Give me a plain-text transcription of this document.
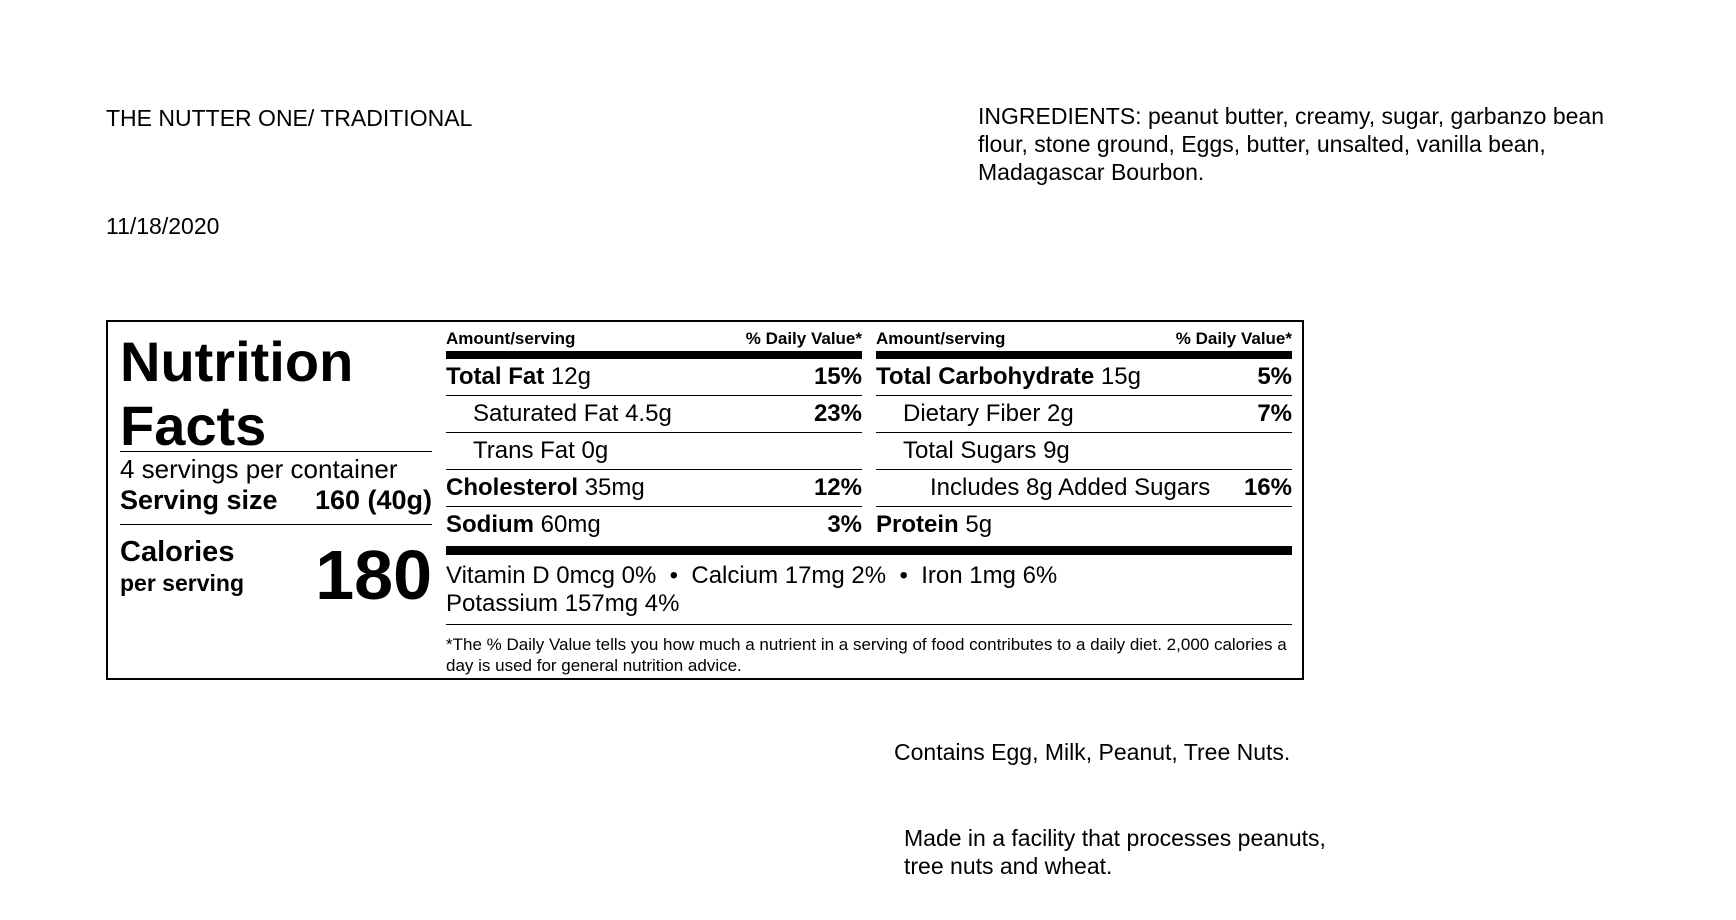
THE NUTTER ONE/ TRADITIONAL
11/18/2020
INGREDIENTS: peanut butter, creamy, sugar, garbanzo bean flour, stone ground, Eggs, butter, unsalted, vanilla bean, Madagascar Bourbon.
Nutrition
Facts
4 servings per container
Serving size 160 (40g)
Calories
per serving 180
Amount/serving	% Daily Value*
Total Fat 12g	15%
Saturated Fat 4.5g	23%
Trans Fat 0g
Cholesterol 35mg	12%
Sodium 60mg	3%
Amount/serving	% Daily Value*
Total Carbohydrate 15g	5%
Dietary Fiber 2g	7%
Total Sugars 9g
Includes 8g Added Sugars 16%
Protein 5g
Vitamin D 0mcg 0%  •  Calcium 17mg 2%  •  Iron 1mg 6%
Potassium 157mg 4%
*The % Daily Value tells you how much a nutrient in a serving of food contributes to a daily diet. 2,000 calories a day is used for general nutrition advice.
Contains Egg, Milk, Peanut, Tree Nuts.
Made in a facility that processes peanuts,
tree nuts and wheat.
